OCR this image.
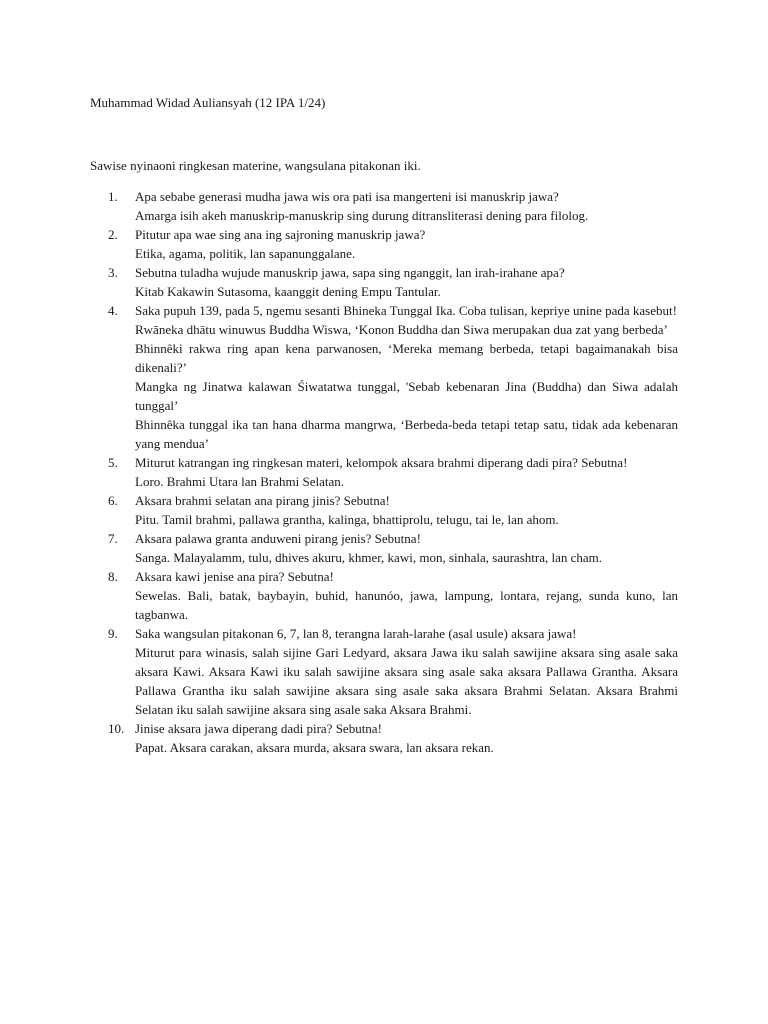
Muhammad Widad Auliansyah (12 IPA 1/24)
Sawise nyinaoni ringkesan materine, wangsulana pitakonan iki.
1.	Apa sebabe generasi mudha jawa wis ora pati isa mangerteni isi manuskrip jawa?
Amarga isih akeh manuskrip-manuskrip sing durung ditransliterasi dening para filolog.
2.	Pitutur apa wae sing ana ing sajroning manuskrip jawa?
Etika, agama, politik, lan sapanunggalane.
3.	Sebutna tuladha wujude manuskrip jawa, sapa sing nganggit, lan irah-irahane apa?
Kitab Kakawin Sutasoma, kaanggit dening Empu Tantular.
4.	Saka pupuh 139, pada 5, ngemu sesanti Bhineka Tunggal Ika. Coba tulisan, kepriye unine pada kasebut!
Rwāneka dhātu winuwus Buddha Wiswa, ‘Konon Buddha dan Siwa merupakan dua zat yang berbeda’
Bhinnêki rakwa ring apan kena parwanosen, ‘Mereka memang berbeda, tetapi bagaimanakah bisa dikenali?’
Mangka ng Jinatwa kalawan Śiwatatwa tunggal, 'Sebab kebenaran Jina (Buddha) dan Siwa adalah tunggal’
Bhinnêka tunggal ika tan hana dharma mangrwa, ‘Berbeda-beda tetapi tetap satu, tidak ada kebenaran yang mendua’
5.	Miturut katrangan ing ringkesan materi, kelompok aksara brahmi diperang dadi pira? Sebutna!
Loro. Brahmi Utara lan Brahmi Selatan.
6.	Aksara brahmi selatan ana pirang jinis? Sebutna!
Pitu. Tamil brahmi, pallawa grantha, kalinga, bhattiprolu, telugu, tai le, lan ahom.
7.	Aksara palawa granta anduweni pirang jenis? Sebutna!
Sanga. Malayalamm, tulu, dhives akuru, khmer, kawi, mon, sinhala, saurashtra, lan cham.
8.	Aksara kawi jenise ana pira? Sebutna!
Sewelas. Bali, batak, baybayin, buhid, hanunóo, jawa, lampung, lontara, rejang, sunda kuno, lan tagbanwa.
9.	Saka wangsulan pitakonan 6, 7, lan 8, terangna larah-larahe (asal usule) aksara jawa!
Miturut para winasis, salah sijine Gari Ledyard, aksara Jawa iku salah sawijine aksara sing asale saka aksara Kawi. Aksara Kawi iku salah sawijine aksara sing asale saka aksara Pallawa Grantha. Aksara Pallawa Grantha iku salah sawijine aksara sing asale saka aksara Brahmi Selatan. Aksara Brahmi Selatan iku salah sawijine aksara sing asale saka Aksara Brahmi.
10. Jinise aksara jawa diperang dadi pira? Sebutna!
Papat. Aksara carakan, aksara murda, aksara swara, lan aksara rekan.
